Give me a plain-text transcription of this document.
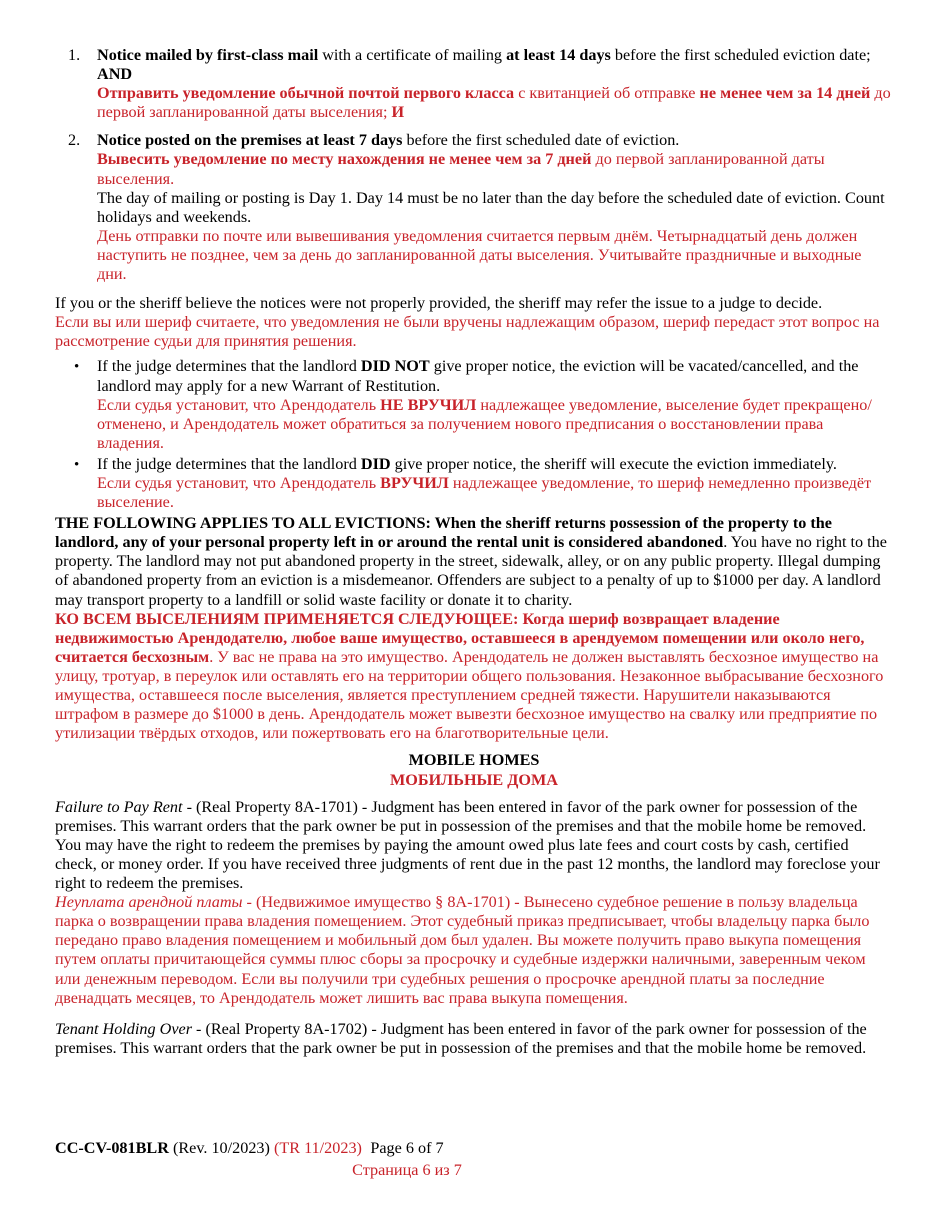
1.	Notice mailed by first-class mail with a certificate of mailing at least 14 days before the first scheduled eviction date; AND

Отправить уведомление обычной почтой первого класса с квитанцией об отправке не менее чем за 14 дней до первой запланированной даты выселения; И

2.	Notice posted on the premises at least 7 days before the first scheduled date of eviction.

Вывесить уведомление по месту нахождения не менее чем за 7 дней до первой запланированной даты выселения.

The day of mailing or posting is Day 1. Day 14 must be no later than the day before the scheduled date of eviction. Count holidays and weekends.

День отправки по почте или вывешивания уведомления считается первым днём. Четырнадцатый день должен наступить не позднее, чем за день до запланированной даты выселения. Учитывайте праздничные и выходные дни.

If you or the sheriff believe the notices were not properly provided, the sheriff may refer the issue to a judge to decide.

Если вы или шериф считаете, что уведомления не были вручены надлежащим образом, шериф передаст этот вопрос на рассмотрение судьи для принятия решения.

•

If the judge determines that the landlord DID NOT give proper notice, the eviction will be vacated/cancelled, and the landlord may apply for a new Warrant of Restitution.

Если судья установит, что Арендодатель НЕ ВРУЧИЛ надлежащее уведомление, выселение будет прекращено/отменено, и Арендодатель может обратиться за получением нового предписания о восстановлении права владения.

•

If the judge determines that the landlord DID give proper notice, the sheriff will execute the eviction immediately.

Если судья установит, что Арендодатель ВРУЧИЛ надлежащее уведомление, то шериф немедленно произведёт выселение.

THE FOLLOWING APPLIES TO ALL EVICTIONS: When the sheriff returns possession of the property to the landlord, any of your personal property left in or around the rental unit is considered abandoned. You have no right to the property. The landlord may not put abandoned property in the street, sidewalk, alley, or on any public property. Illegal dumping of abandoned property from an eviction is a misdemeanor. Offenders are subject to a penalty of up to $1000 per day. A landlord may transport property to a landfill or solid waste facility or donate it to charity.

КО ВСЕМ ВЫСЕЛЕНИЯМ ПРИМЕНЯЕТСЯ СЛЕДУЮЩЕЕ: Когда шериф возвращает владение недвижимостью Арендодателю, любое ваше имущество, оставшееся в арендуемом помещении или около него, считается бесхозным. У вас не права на это имущество. Арендодатель не должен выставлять бесхозное имущество на улицу, тротуар, в переулок или оставлять его на территории общего пользования. Незаконное выбрасывание бесхозного имущества, оставшееся после выселения, является преступлением средней тяжести. Нарушители наказываются штрафом в размере до $1000 в день. Арендодатель может вывезти бесхозное имущество на свалку или предприятие по утилизации твёрдых отходов, или пожертвовать его на благотворительные цели.

MOBILE HOMES

МОБИЛЬНЫЕ ДОМА

Failure to Pay Rent - (Real Property 8A-1701) - Judgment has been entered in favor of the park owner for possession of the premises. This warrant orders that the park owner be put in possession of the premises and that the mobile home be removed. You may have the right to redeem the premises by paying the amount owed plus late fees and court costs by cash, certified check, or money order. If you have received three judgments of rent due in the past 12 months, the landlord may foreclose your right to redeem the premises.

Неуплата арендной платы - (Недвижимое имущество § 8A-1701) - Вынесено судебное решение в пользу владельца парка о возвращении права владения помещением. Этот судебный приказ предписывает, чтобы владельцу парка было передано право владения помещением и мобильный дом был удален. Вы можете получить право выкупа помещения путем оплаты причитающейся суммы плюс сборы за просрочку и судебные издержки наличными, заверенным чеком или денежным переводом. Если вы получили три судебных решения о просрочке арендной платы за последние двенадцать месяцев, то Арендодатель может лишить вас права выкупа помещения.

Tenant Holding Over - (Real Property 8A-1702) - Judgment has been entered in favor of the park owner for possession of the premises. This warrant orders that the park owner be put in possession of the premises and that the mobile home be removed.

CC-CV-081BLR (Rev. 10/2023) (TR 11/2023) Page 6 of 7

Страница 6 из 7
